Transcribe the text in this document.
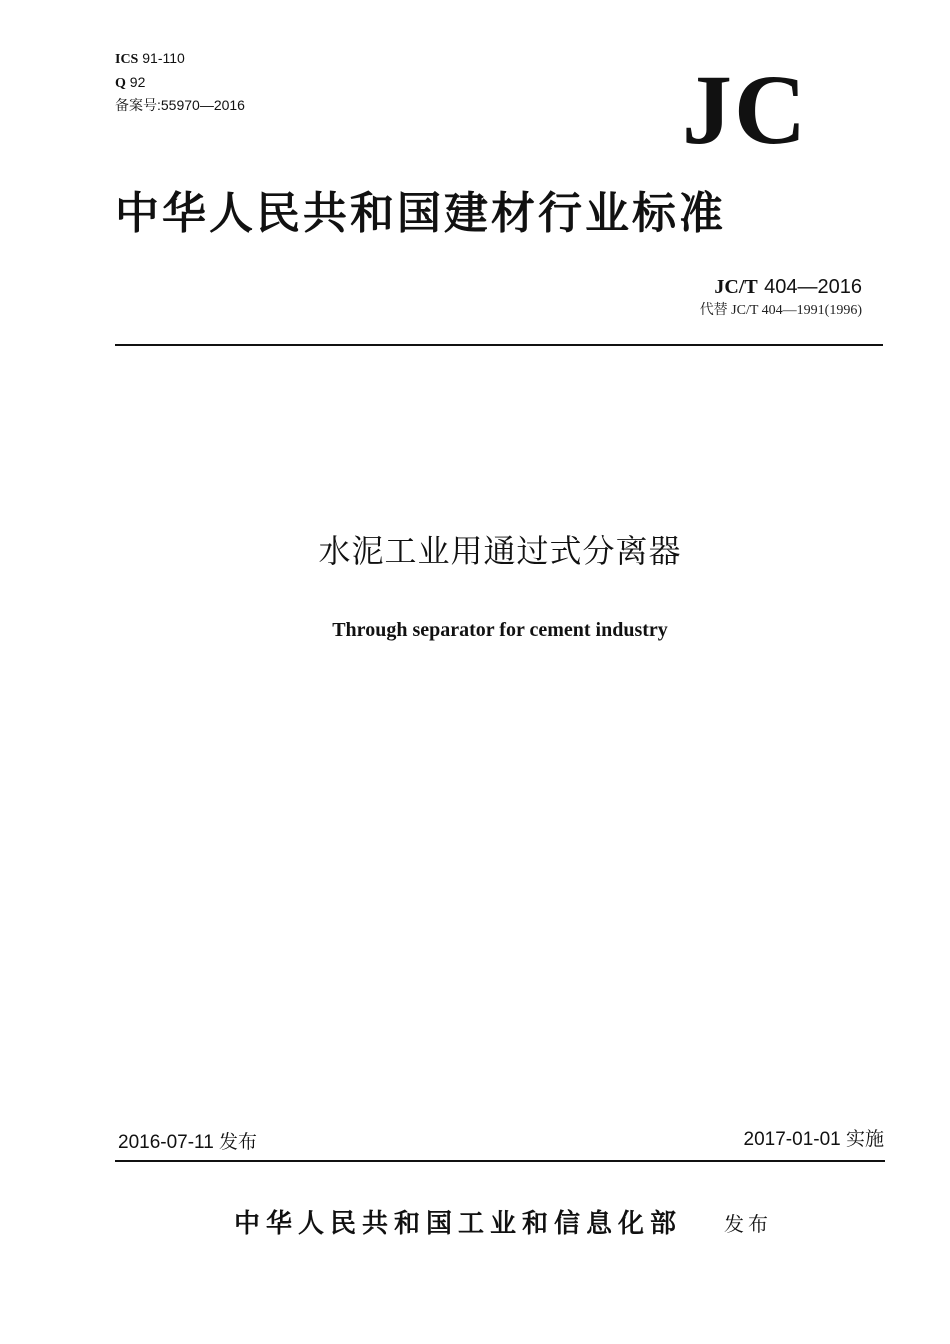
ICS 91-110
Q 92
备案号:55970—2016	JC
中华人民共和国建材行业标准
JC/T 404—2016
代替 JC/T 404—1991(1996)
水泥工业用通过式分离器
Through separator for cement industry
2016-07-11 发布	2017-01-01 实施
中华人民共和国工业和信息化部 发布
